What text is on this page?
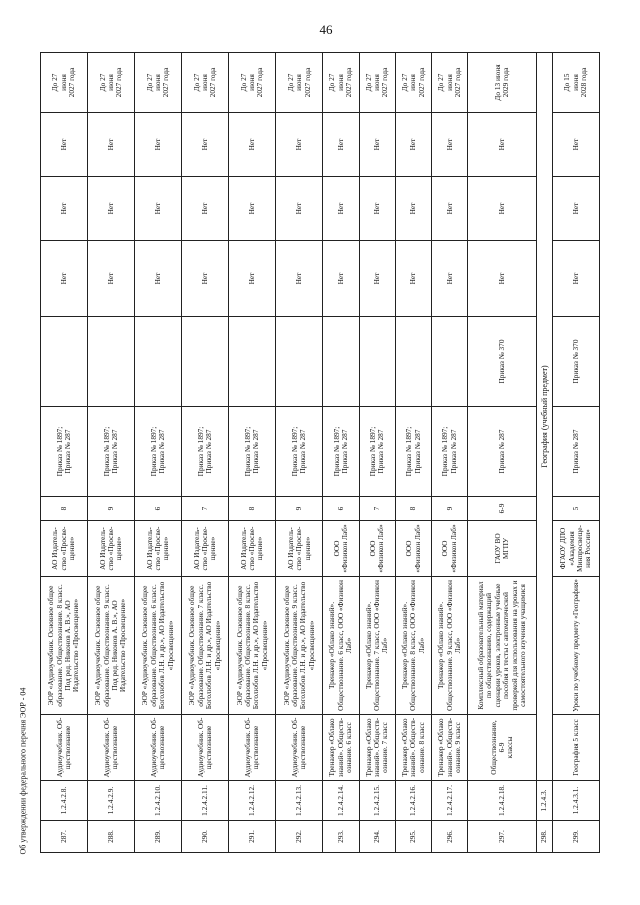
46
287.	1.2.4.2.8.	Аудиоучебник. Об-
ществознание	ЭОР «Аудиоучебник. Основное общее образование. Обществознание. 8 класс. Под ред. Никонов А. В.», АО Издательство «Просвещение»	АО Издатель-
ство «Просве-
щение»	8	Приказ № 1897;
Приказ № 287		Нет	Нет	Нет	До 27
июня
2027 года
288.	1.2.4.2.9.	Аудиоучебник. Об-
ществознание	ЭОР «Аудиоучебник. Основное общее образование. Обществознание. 9 класс. Под ред. Никонов А. В.», АО Издательство «Просвещение»	АО Издатель-
ство «Просве-
щение»	9	Приказ № 1897;
Приказ № 287		Нет	Нет	Нет	До 27
июня
2027 года
289.	1.2.4.2.10.	Аудиоучебник. Об-
ществознание	ЭОР «Аудиоучебник. Основное общее образование. Обществознание. 6 класс. Боголюбов Л.Н. и др.», АО Издательство «Просвещение»	АО Издатель-
ство «Просве-
щение»	6	Приказ № 1897;
Приказ № 287		Нет	Нет	Нет	До 27
июня
2027 года
290.	1.2.4.2.11.	Аудиоучебник. Об-
ществознание	ЭОР «Аудиоучебник. Основное общее образование. Обществознание. 7 класс. Боголюбов Л.Н. и др.», АО Издательство «Просвещение»	АО Издатель-
ство «Просве-
щение»	7	Приказ № 1897;
Приказ № 287		Нет	Нет	Нет	До 27
июня
2027 года
291.	1.2.4.2.12.	Аудиоучебник. Об-
ществознание	ЭОР «Аудиоучебник. Основное общее образование. Обществознание. 8 класс. Боголюбов Л.Н. и др.», АО Издательство «Просвещение»	АО Издатель-
ство «Просве-
щение»	8	Приказ № 1897;
Приказ № 287		Нет	Нет	Нет	До 27
июня
2027 года
292.	1.2.4.2.13.	Аудиоучебник. Об-
ществознание	ЭОР «Аудиоучебник. Основное общее образование. Обществознание. 9 класс. Боголюбов Л.Н. и др.», АО Издательство «Просвещение»	АО Издатель-
ство «Просве-
щение»	9	Приказ № 1897;
Приказ № 287		Нет	Нет	Нет	До 27
июня
2027 года
293.	1.2.4.2.14.	Тренажер «Облако
знаний». Обществ-
ознание. 6 класс	Тренажер «Облако знаний». Обществознание. 6 класс, ООО «Физикон Лаб»	ООО
«Физикон Лаб»	6	Приказ № 1897;
Приказ № 287		Нет	Нет	Нет	До 27
июня
2027 года
294.	1.2.4.2.15.	Тренажер «Облако
знаний». Обществ-
ознание. 7 класс	Тренажер «Облако знаний». Обществознание. 7 класс, ООО «Физикон Лаб»	ООО
«Физикон Лаб»	7	Приказ № 1897;
Приказ № 287		Нет	Нет	Нет	До 27
июня
2027 года
295.	1.2.4.2.16.	Тренажер «Облако
знаний». Обществ-
ознание. 8 класс	Тренажер «Облако знаний». Обществознание. 8 класс, ООО «Физикон Лаб»	ООО
«Физикон Лаб»	8	Приказ № 1897;
Приказ № 287		Нет	Нет	Нет	До 27
июня
2027 года
296.	1.2.4.2.17.	Тренажер «Облако
знаний». Обществ-
ознание. 9 класс	Тренажер «Облако знаний». Обществознание. 9 класс, ООО «Физикон Лаб»	ООО
«Физикон Лаб»	9	Приказ № 1897;
Приказ № 287		Нет	Нет	Нет	До 27
июня
2027 года
297.	1.2.4.2.18.	Обществознание, 6-9
классы	Комплексный образовательный материал по обществознанию, содержащий сценарии уроков, электронные учебные пособия и тесты с автоматической проверкой для использования на уроках и самостоятельного изучения учащимися	ГАОУ ВО
МГПУ	6-9	Приказ № 287	Приказ № 370	Нет	Нет	Нет	До 13 июня
2029 года
298.	1.2.4.3.	География (учебный предмет)									
299.	1.2.4.3.1.	География 5 класс	Уроки по учебному предмету «География»	ФГАОУ ДПО
«Академия
Минпросвеще-
ния России»	5	Приказ № 287	Приказ № 370	Нет	Нет	Нет	До 15
июня
2028 года
Об утверждении федерального перечня ЭОР - 04
